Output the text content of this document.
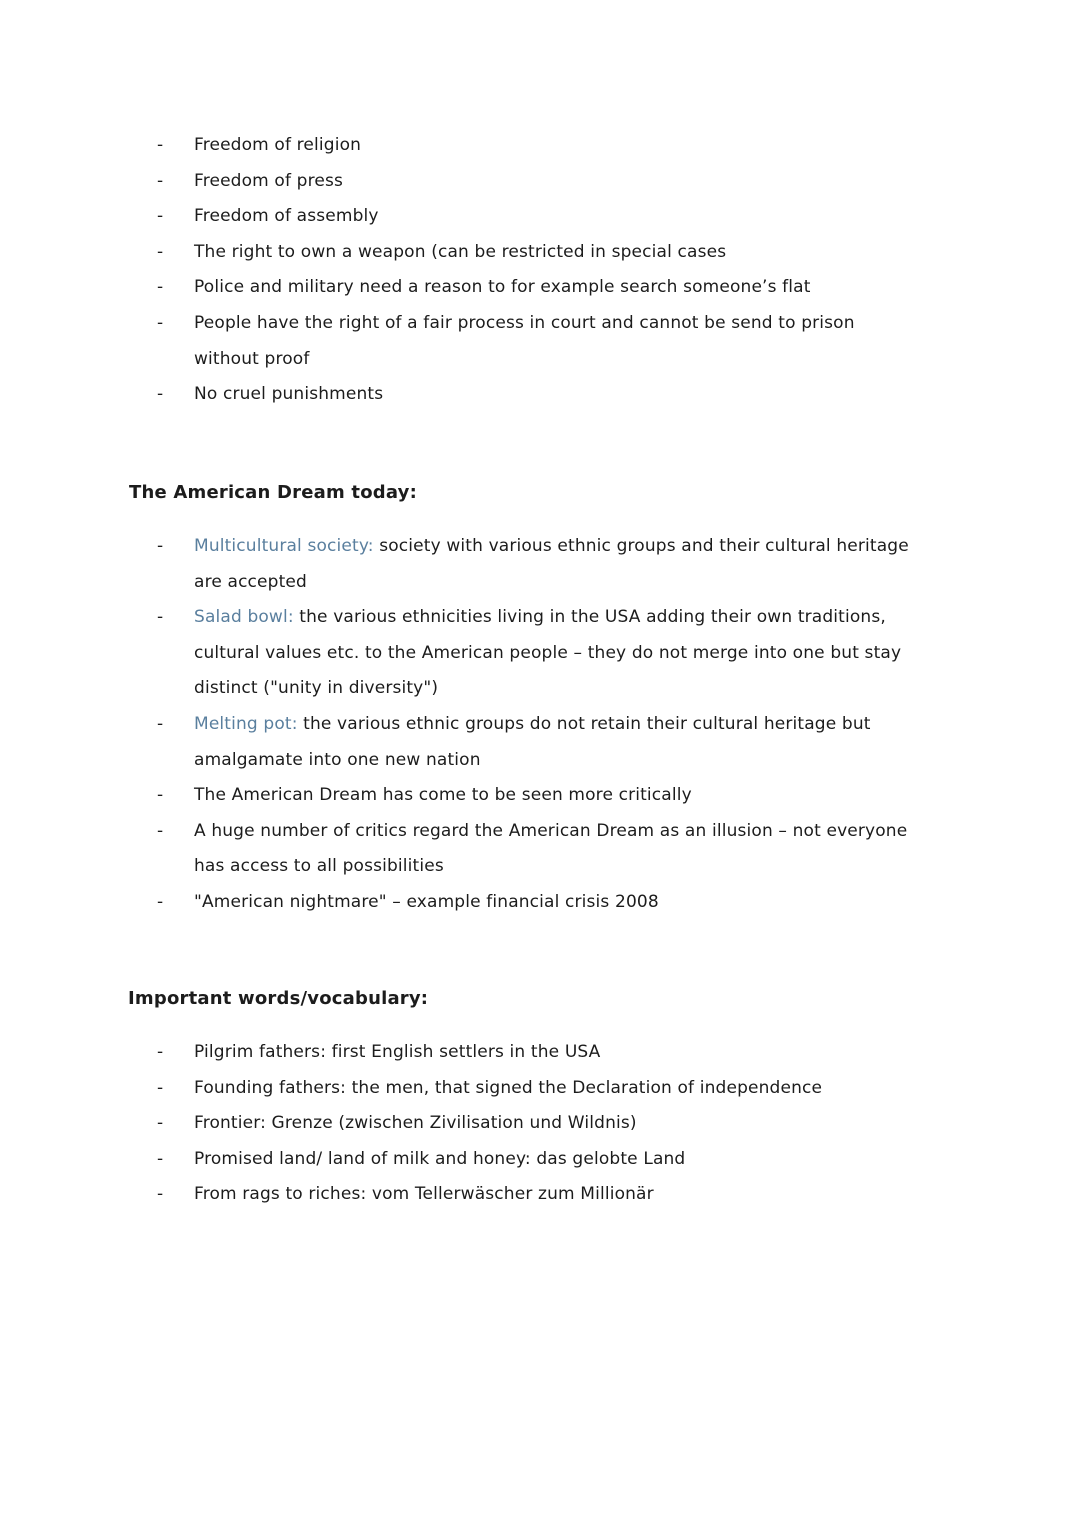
- Freedom of religion
- Freedom of press
- Freedom of assembly
- The right to own a weapon (can be restricted in special cases
- Police and military need a reason to for example search someone’s flat
- People have the right of a fair process in court and cannot be send to prison
without proof
- No cruel punishments
The American Dream today:
- Multicultural society: society with various ethnic groups and their cultural heritage
are accepted
- Salad bowl: the various ethnicities living in the USA adding their own traditions,
cultural values etc. to the American people – they do not merge into one but stay
distinct ("unity in diversity")
- Melting pot: the various ethnic groups do not retain their cultural heritage but
amalgamate into one new nation
- The American Dream has come to be seen more critically
- A huge number of critics regard the American Dream as an illusion – not everyone
has access to all possibilities
- "American nightmare" – example financial crisis 2008
Important words/vocabulary:
- Pilgrim fathers: first English settlers in the USA
- Founding fathers: the men, that signed the Declaration of independence
- Frontier: Grenze (zwischen Zivilisation und Wildnis)
- Promised land/ land of milk and honey: das gelobte Land
- From rags to riches: vom Tellerwäscher zum Millionär
